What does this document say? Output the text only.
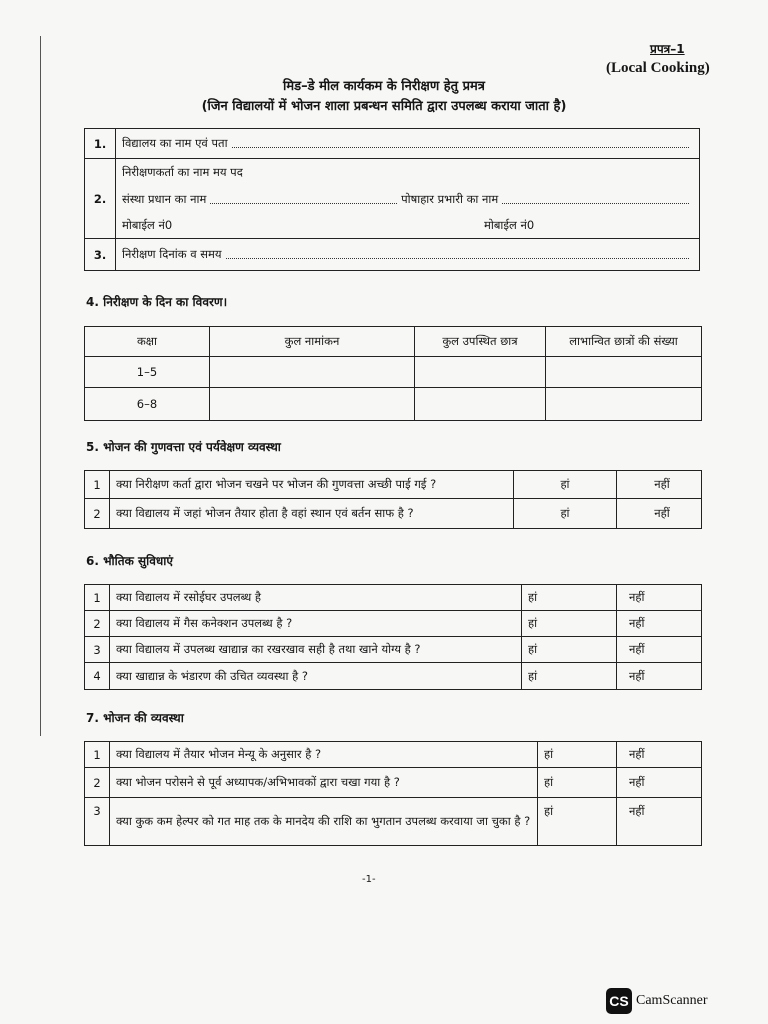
प्रपत्र–1
(Local Cooking)
मिड–डे मील कार्यकम के निरीक्षण हेतु प्रमत्र
(जिन विद्यालयों में भोजन शाला प्रबन्धन समिति द्वारा उपलब्ध कराया जाता है)
1.	विद्यालय का नाम एवं पता

2.	निरीक्षणकर्ता का नाम मय पद

	संस्था प्रधान का नाम पोषाहार प्रभारी का नाम

	मोबाईल नं0 मोबाईल नं0

3.	निरीक्षण दिनांक व समय
4. निरीक्षण के दिन का विवरण।
कक्षा	कुल नामांकन	कुल उपस्थित छात्र	लाभान्वित छात्रों की संख्या
1–5			
6–8			
5. भोजन की गुणवत्ता एवं पर्यवेक्षण व्यवस्था
1	क्या निरीक्षण कर्ता द्वारा भोजन चखने पर भोजन की गुणवत्ता अच्छी पाई गई ?	हां	नहीं
2	क्या विद्यालय में जहां भोजन तैयार होता है वहां स्थान एवं बर्तन साफ है ?	हां	नहीं
6. भौतिक सुविधाएं
1	क्या विद्यालय में रसोईघर उपलब्ध है	हां	नहीं
2	क्या विद्यालय में गैस कनेक्शन उपलब्ध है ?	हां	नहीं
3	क्या विद्यालय में उपलब्ध खाद्यान्न का रखरखाव सही है तथा खाने योग्य है ?	हां	नहीं
4	क्या खाद्यान्न के भंडारण की उचित व्यवस्था है ?	हां	नहीं
7. भोजन की व्यवस्था
1	क्या विद्यालय में तैयार भोजन मेन्यू के अनुसार है ?	हां	नहीं
2	क्या भोजन परोसने से पूर्व अध्यापक/अभिभावकों द्वारा चखा गया है ?	हां	नहीं
3	क्या कुक कम हेल्पर को गत माह तक के मानदेय की राशि का भुगतान उपलब्ध करवाया जा चुका है ?	हां	नहीं
-1-
CS CamScanner
